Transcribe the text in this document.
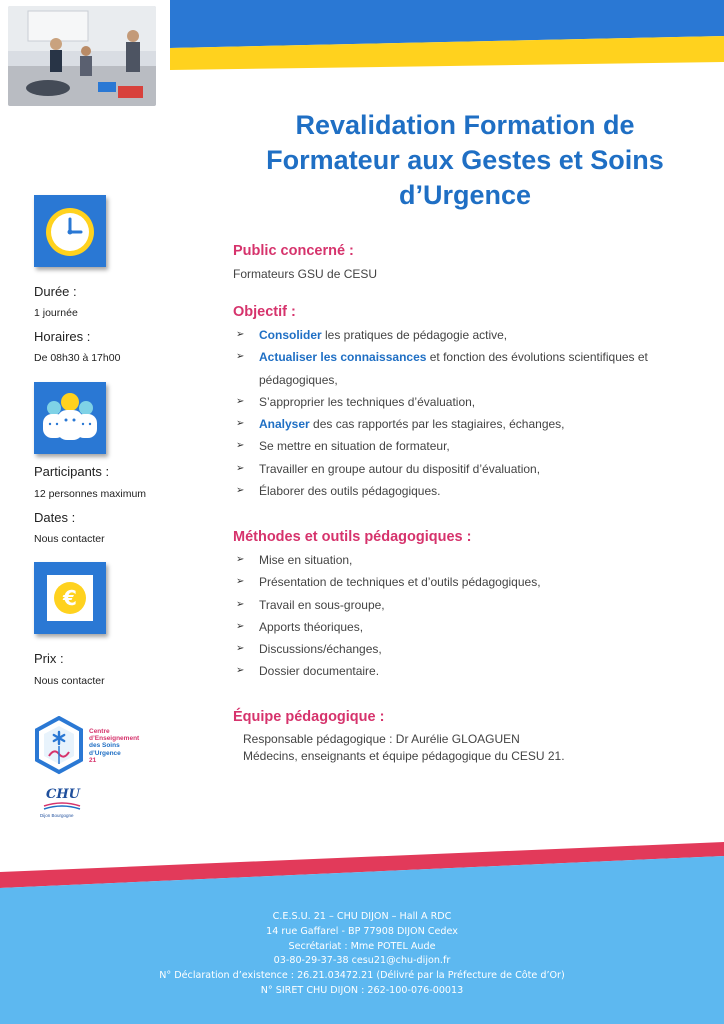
Revalidation Formation de
Formateur aux Gestes et Soins
d’Urgence
Durée :
1 journée
Horaires :
De 08h30 à 17h00
Participants :
12 personnes maximum
Dates :
Nous contacter
€
Prix :
Nous contacter
Centre
d’Enseignement
des Soins
d’Urgence
21
CHU
Dijon Bourgogne
Public concerné :
Formateurs GSU de CESU
Objectif :
➢ Consolider les pratiques de pédagogie active,
➢ Actualiser les connaissances et fonction des évolutions scientifiques et
pédagogiques,
➢ S’approprier les techniques d’évaluation,
➢ Analyser des cas rapportés par les stagiaires, échanges,
➢ Se mettre en situation de formateur,
➢ Travailler en groupe autour du dispositif d’évaluation,
➢ Élaborer des outils pédagogiques.
Méthodes et outils pédagogiques :
➢ Mise en situation,
➢ Présentation de techniques et d’outils pédagogiques,
➢ Travail en sous-groupe,
➢ Apports théoriques,
➢ Discussions/échanges,
➢ Dossier documentaire.
Équipe pédagogique :
Responsable pédagogique : Dr Aurélie GLOAGUEN
Médecins, enseignants et équipe pédagogique du CESU 21.
C.E.S.U. 21 – CHU DIJON – Hall A RDC
14 rue Gaffarel - BP 77908 DIJON Cedex
Secrétariat : Mme POTEL Aude
03-80-29-37-38 cesu21@chu-dijon.fr
N° Déclaration d’existence : 26.21.03472.21 (Délivré par la Préfecture de Côte d’Or)
N° SIRET CHU DIJON : 262-100-076-00013
